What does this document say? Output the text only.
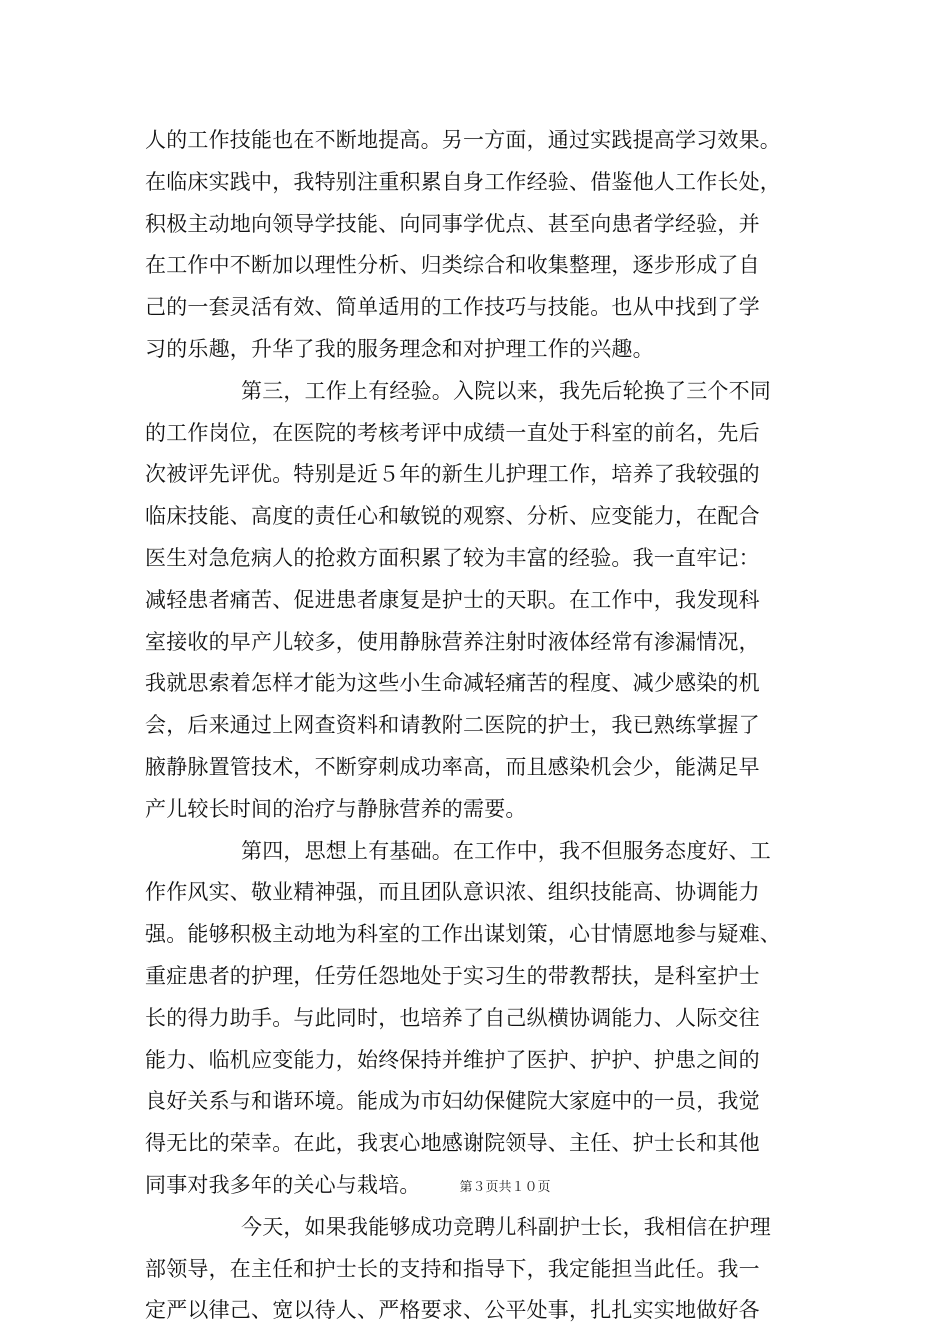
人的工作技能也在不断地提高。另一方面，通过实践提高学习效果。
在临床实践中，我特别注重积累自身工作经验、借鉴他人工作长处，
积极主动地向领导学技能、向同事学优点、甚至向患者学经验，并
在工作中不断加以理性分析、归类综合和收集整理，逐步形成了自
己的一套灵活有效、简单适用的工作技巧与技能。也从中找到了学
习的乐趣，升华了我的服务理念和对护理工作的兴趣。
第三，工作上有经验。入院以来，我先后轮换了三个不同
的工作岗位，在医院的考核考评中成绩一直处于科室的前名，先后
次被评先评优。特别是近５年的新生儿护理工作，培养了我较强的
临床技能、高度的责任心和敏锐的观察、分析、应变能力，在配合
医生对急危病人的抢救方面积累了较为丰富的经验。我一直牢记：
减轻患者痛苦、促进患者康复是护士的天职。在工作中，我发现科
室接收的早产儿较多，使用静脉营养注射时液体经常有渗漏情况，
我就思索着怎样才能为这些小生命减轻痛苦的程度、减少感染的机
会，后来通过上网查资料和请教附二医院的护士，我已熟练掌握了
腋静脉置管技术，不断穿刺成功率高，而且感染机会少，能满足早
产儿较长时间的治疗与静脉营养的需要。
第四，思想上有基础。在工作中，我不但服务态度好、工
作作风实、敬业精神强，而且团队意识浓、组织技能高、协调能力
强。能够积极主动地为科室的工作出谋划策，心甘情愿地参与疑难、
重症患者的护理，任劳任怨地处于实习生的带教帮扶，是科室护士
长的得力助手。与此同时，也培养了自己纵横协调能力、人际交往
能力、临机应变能力，始终保持并维护了医护、护护、护患之间的
良好关系与和谐环境。能成为市妇幼保健院大家庭中的一员，我觉
得无比的荣幸。在此，我衷心地感谢院领导、主任、护士长和其他
同事对我多年的关心与栽培。
今天，如果我能够成功竞聘儿科副护士长，我相信在护理
部领导，在主任和护士长的支持和指导下，我定能担当此任。我一
定严以律己、宽以待人、严格要求、公平处事，扎扎实实地做好各
第３页共１０页
